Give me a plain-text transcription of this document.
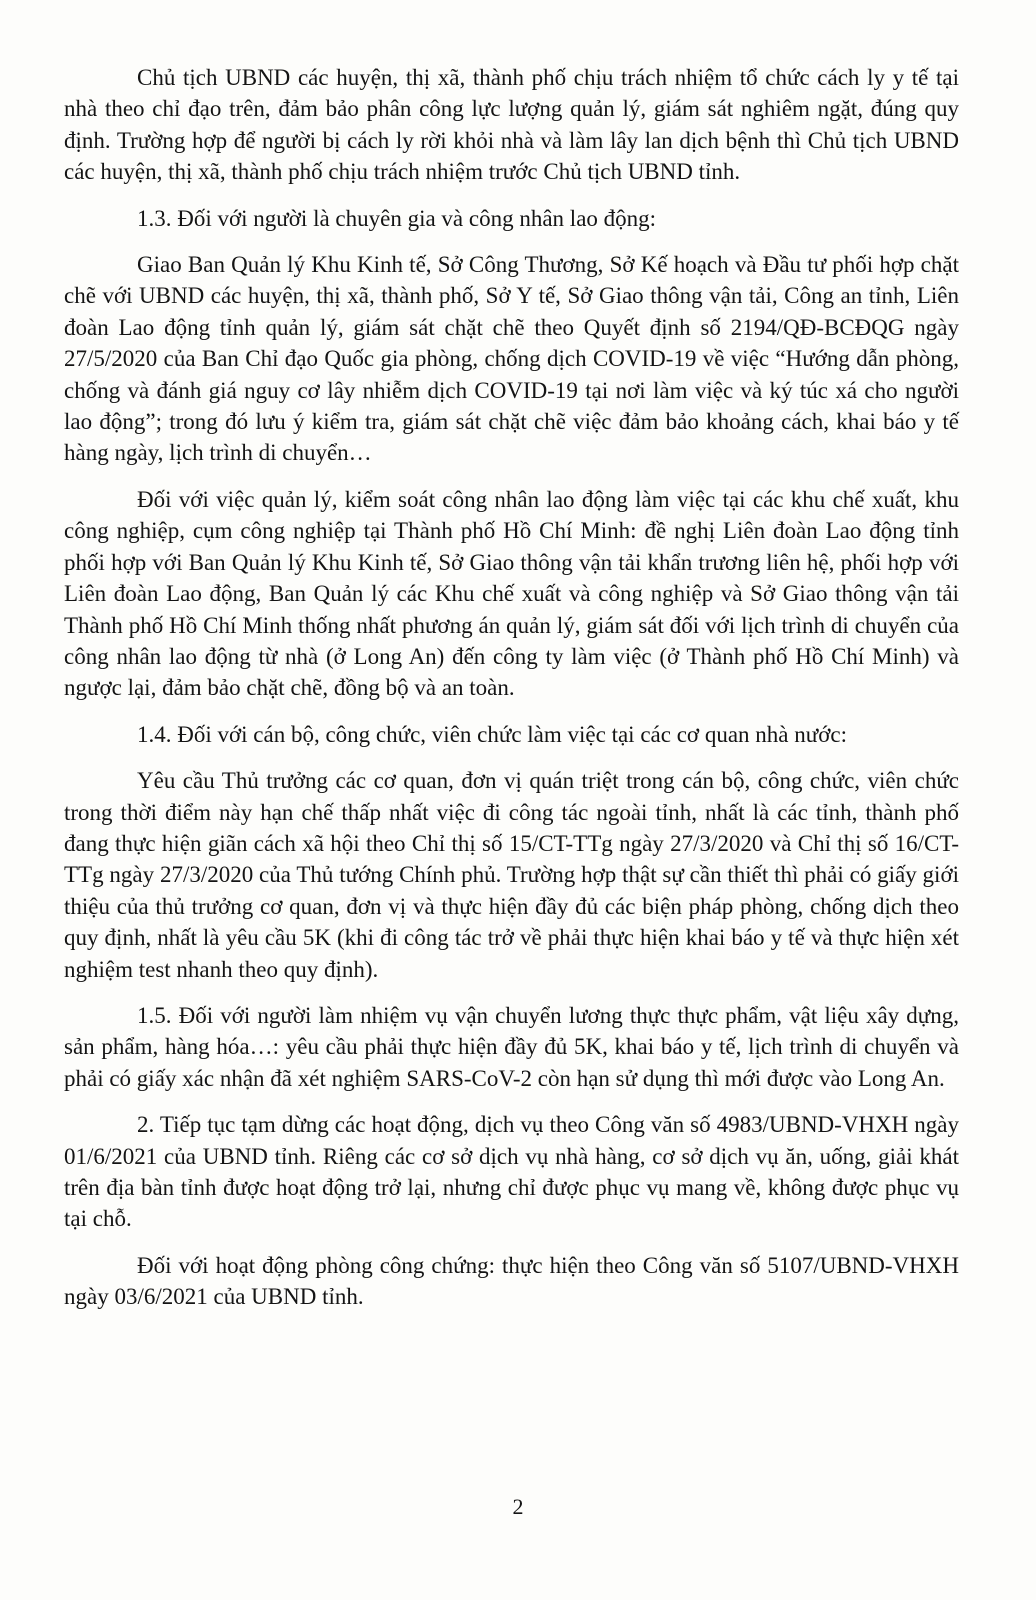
Chủ tịch UBND các huyện, thị xã, thành phố chịu trách nhiệm tổ chức cách ly y tế tại nhà theo chỉ đạo trên, đảm bảo phân công lực lượng quản lý, giám sát nghiêm ngặt, đúng quy định. Trường hợp để người bị cách ly rời khỏi nhà và làm lây lan dịch bệnh thì Chủ tịch UBND các huyện, thị xã, thành phố chịu trách nhiệm trước Chủ tịch UBND tỉnh.

1.3. Đối với người là chuyên gia và công nhân lao động:

Giao Ban Quản lý Khu Kinh tế, Sở Công Thương, Sở Kế hoạch và Đầu tư phối hợp chặt chẽ với UBND các huyện, thị xã, thành phố, Sở Y tế, Sở Giao thông vận tải, Công an tỉnh, Liên đoàn Lao động tỉnh quản lý, giám sát chặt chẽ theo Quyết định số 2194/QĐ-BCĐQG ngày 27/5/2020 của Ban Chỉ đạo Quốc gia phòng, chống dịch COVID-19 về việc “Hướng dẫn phòng, chống và đánh giá nguy cơ lây nhiễm dịch COVID-19 tại nơi làm việc và ký túc xá cho người lao động”; trong đó lưu ý kiểm tra, giám sát chặt chẽ việc đảm bảo khoảng cách, khai báo y tế hàng ngày, lịch trình di chuyển…

Đối với việc quản lý, kiểm soát công nhân lao động làm việc tại các khu chế xuất, khu công nghiệp, cụm công nghiệp tại Thành phố Hồ Chí Minh: đề nghị Liên đoàn Lao động tỉnh phối hợp với Ban Quản lý Khu Kinh tế, Sở Giao thông vận tải khẩn trương liên hệ, phối hợp với Liên đoàn Lao động, Ban Quản lý các Khu chế xuất và công nghiệp và Sở Giao thông vận tải Thành phố Hồ Chí Minh thống nhất phương án quản lý, giám sát đối với lịch trình di chuyển của công nhân lao động từ nhà (ở Long An) đến công ty làm việc (ở Thành phố Hồ Chí Minh) và ngược lại, đảm bảo chặt chẽ, đồng bộ và an toàn.

1.4. Đối với cán bộ, công chức, viên chức làm việc tại các cơ quan nhà nước:

Yêu cầu Thủ trưởng các cơ quan, đơn vị quán triệt trong cán bộ, công chức, viên chức trong thời điểm này hạn chế thấp nhất việc đi công tác ngoài tỉnh, nhất là các tỉnh, thành phố đang thực hiện giãn cách xã hội theo Chỉ thị số 15/CT-TTg ngày 27/3/2020 và Chỉ thị số 16/CT-TTg ngày 27/3/2020 của Thủ tướng Chính phủ. Trường hợp thật sự cần thiết thì phải có giấy giới thiệu của thủ trưởng cơ quan, đơn vị và thực hiện đầy đủ các biện pháp phòng, chống dịch theo quy định, nhất là yêu cầu 5K (khi đi công tác trở về phải thực hiện khai báo y tế và thực hiện xét nghiệm test nhanh theo quy định).

1.5. Đối với người làm nhiệm vụ vận chuyển lương thực thực phẩm, vật liệu xây dựng, sản phẩm, hàng hóa…: yêu cầu phải thực hiện đầy đủ 5K, khai báo y tế, lịch trình di chuyển và phải có giấy xác nhận đã xét nghiệm SARS-CoV-2 còn hạn sử dụng thì mới được vào Long An.

2. Tiếp tục tạm dừng các hoạt động, dịch vụ theo Công văn số 4983/UBND-VHXH ngày 01/6/2021 của UBND tỉnh. Riêng các cơ sở dịch vụ nhà hàng, cơ sở dịch vụ ăn, uống, giải khát trên địa bàn tỉnh được hoạt động trở lại, nhưng chỉ được phục vụ mang về, không được phục vụ tại chỗ.

Đối với hoạt động phòng công chứng: thực hiện theo Công văn số 5107/UBND-VHXH ngày 03/6/2021 của UBND tỉnh.

2
